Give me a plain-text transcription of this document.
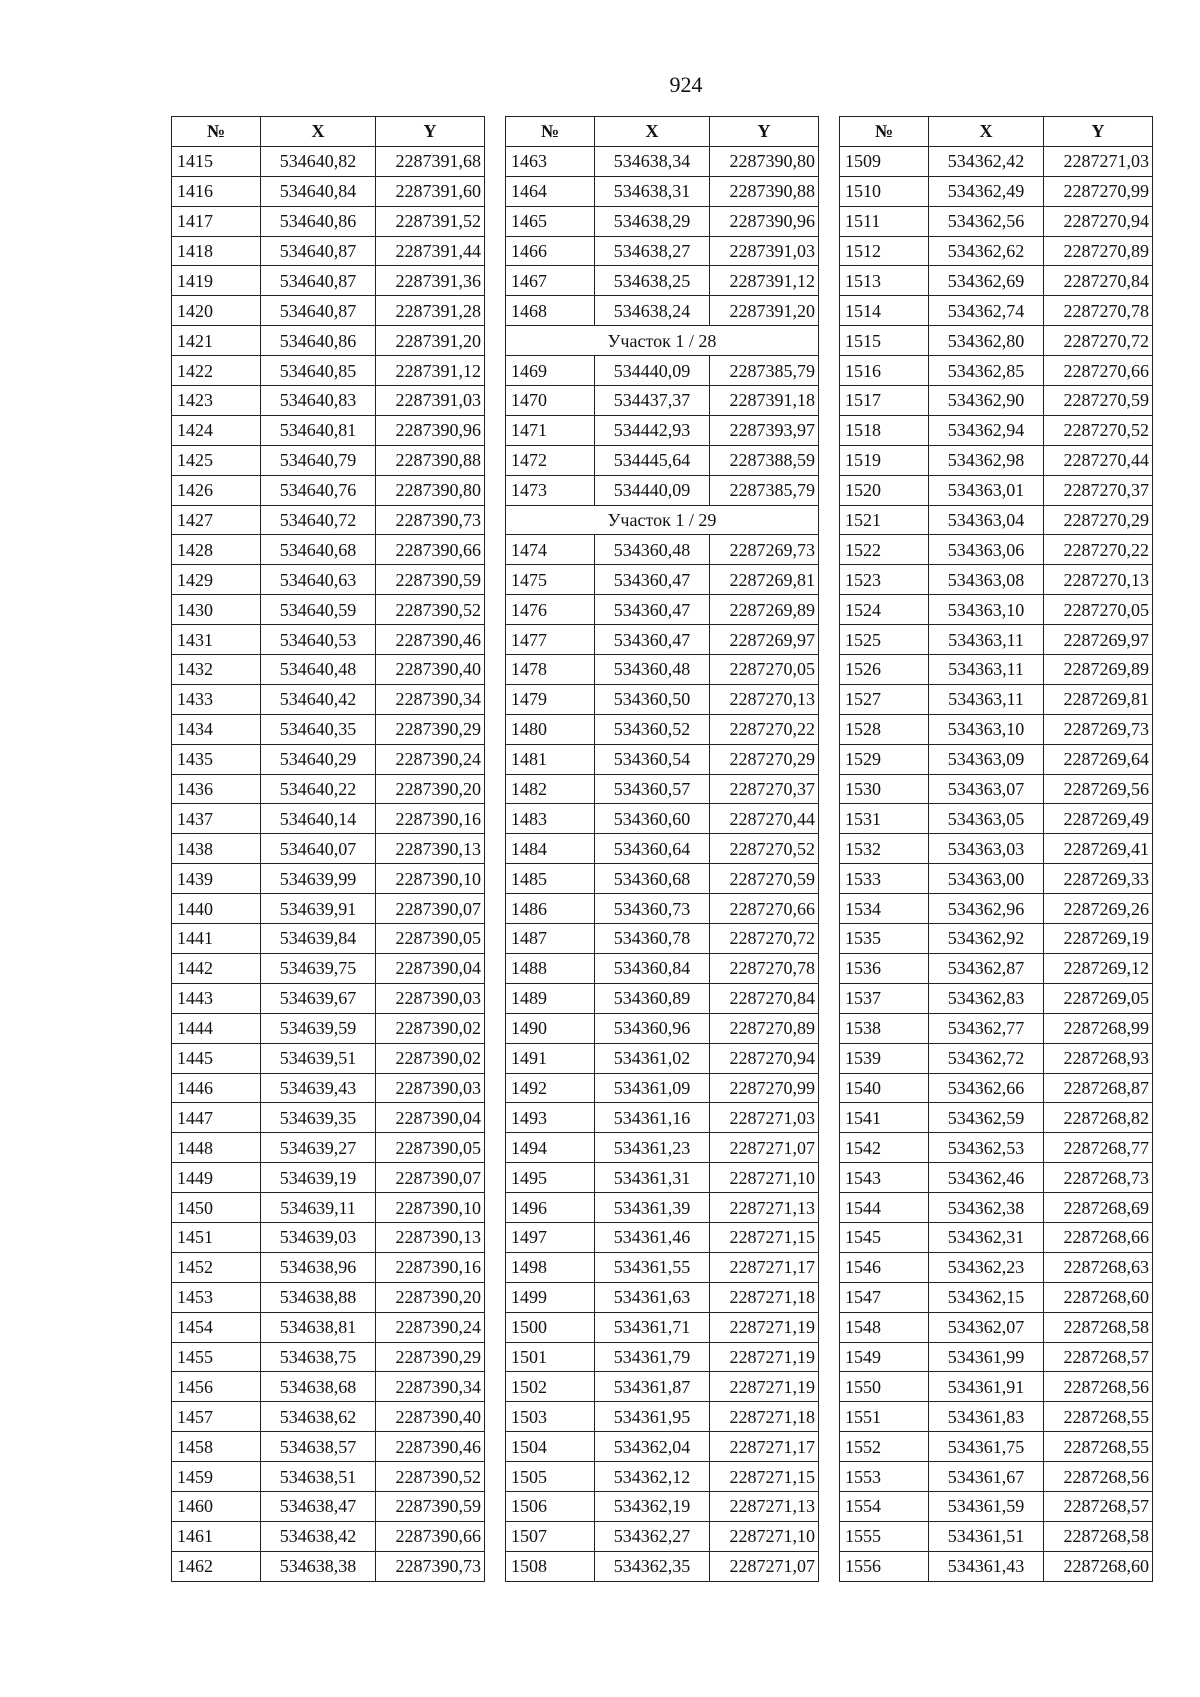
924
№	X	Y
1415	534640,82	2287391,68
1416	534640,84	2287391,60
1417	534640,86	2287391,52
1418	534640,87	2287391,44
1419	534640,87	2287391,36
1420	534640,87	2287391,28
1421	534640,86	2287391,20
1422	534640,85	2287391,12
1423	534640,83	2287391,03
1424	534640,81	2287390,96
1425	534640,79	2287390,88
1426	534640,76	2287390,80
1427	534640,72	2287390,73
1428	534640,68	2287390,66
1429	534640,63	2287390,59
1430	534640,59	2287390,52
1431	534640,53	2287390,46
1432	534640,48	2287390,40
1433	534640,42	2287390,34
1434	534640,35	2287390,29
1435	534640,29	2287390,24
1436	534640,22	2287390,20
1437	534640,14	2287390,16
1438	534640,07	2287390,13
1439	534639,99	2287390,10
1440	534639,91	2287390,07
1441	534639,84	2287390,05
1442	534639,75	2287390,04
1443	534639,67	2287390,03
1444	534639,59	2287390,02
1445	534639,51	2287390,02
1446	534639,43	2287390,03
1447	534639,35	2287390,04
1448	534639,27	2287390,05
1449	534639,19	2287390,07
1450	534639,11	2287390,10
1451	534639,03	2287390,13
1452	534638,96	2287390,16
1453	534638,88	2287390,20
1454	534638,81	2287390,24
1455	534638,75	2287390,29
1456	534638,68	2287390,34
1457	534638,62	2287390,40
1458	534638,57	2287390,46
1459	534638,51	2287390,52
1460	534638,47	2287390,59
1461	534638,42	2287390,66
1462	534638,38	2287390,73
№	X	Y
1463	534638,34	2287390,80
1464	534638,31	2287390,88
1465	534638,29	2287390,96
1466	534638,27	2287391,03
1467	534638,25	2287391,12
1468	534638,24	2287391,20
Участок 1 / 28		
1469	534440,09	2287385,79
1470	534437,37	2287391,18
1471	534442,93	2287393,97
1472	534445,64	2287388,59
1473	534440,09	2287385,79
Участок 1 / 29		
1474	534360,48	2287269,73
1475	534360,47	2287269,81
1476	534360,47	2287269,89
1477	534360,47	2287269,97
1478	534360,48	2287270,05
1479	534360,50	2287270,13
1480	534360,52	2287270,22
1481	534360,54	2287270,29
1482	534360,57	2287270,37
1483	534360,60	2287270,44
1484	534360,64	2287270,52
1485	534360,68	2287270,59
1486	534360,73	2287270,66
1487	534360,78	2287270,72
1488	534360,84	2287270,78
1489	534360,89	2287270,84
1490	534360,96	2287270,89
1491	534361,02	2287270,94
1492	534361,09	2287270,99
1493	534361,16	2287271,03
1494	534361,23	2287271,07
1495	534361,31	2287271,10
1496	534361,39	2287271,13
1497	534361,46	2287271,15
1498	534361,55	2287271,17
1499	534361,63	2287271,18
1500	534361,71	2287271,19
1501	534361,79	2287271,19
1502	534361,87	2287271,19
1503	534361,95	2287271,18
1504	534362,04	2287271,17
1505	534362,12	2287271,15
1506	534362,19	2287271,13
1507	534362,27	2287271,10
1508	534362,35	2287271,07
№	X	Y
1509	534362,42	2287271,03
1510	534362,49	2287270,99
1511	534362,56	2287270,94
1512	534362,62	2287270,89
1513	534362,69	2287270,84
1514	534362,74	2287270,78
1515	534362,80	2287270,72
1516	534362,85	2287270,66
1517	534362,90	2287270,59
1518	534362,94	2287270,52
1519	534362,98	2287270,44
1520	534363,01	2287270,37
1521	534363,04	2287270,29
1522	534363,06	2287270,22
1523	534363,08	2287270,13
1524	534363,10	2287270,05
1525	534363,11	2287269,97
1526	534363,11	2287269,89
1527	534363,11	2287269,81
1528	534363,10	2287269,73
1529	534363,09	2287269,64
1530	534363,07	2287269,56
1531	534363,05	2287269,49
1532	534363,03	2287269,41
1533	534363,00	2287269,33
1534	534362,96	2287269,26
1535	534362,92	2287269,19
1536	534362,87	2287269,12
1537	534362,83	2287269,05
1538	534362,77	2287268,99
1539	534362,72	2287268,93
1540	534362,66	2287268,87
1541	534362,59	2287268,82
1542	534362,53	2287268,77
1543	534362,46	2287268,73
1544	534362,38	2287268,69
1545	534362,31	2287268,66
1546	534362,23	2287268,63
1547	534362,15	2287268,60
1548	534362,07	2287268,58
1549	534361,99	2287268,57
1550	534361,91	2287268,56
1551	534361,83	2287268,55
1552	534361,75	2287268,55
1553	534361,67	2287268,56
1554	534361,59	2287268,57
1555	534361,51	2287268,58
1556	534361,43	2287268,60
